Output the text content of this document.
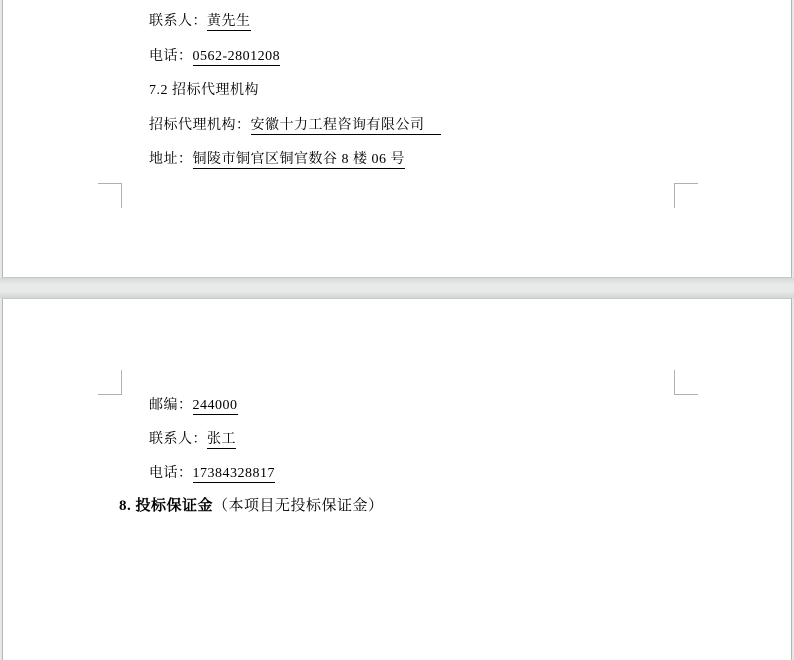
联系人：黄先生
电话：0562-2801208
7.2 招标代理机构
招标代理机构：安徽十力工程咨询有限公司
地址：铜陵市铜官区铜官数谷 8 楼 06 号
邮编：244000
联系人：张工
电话：17384328817
8. 投标保证金（本项目无投标保证金）
